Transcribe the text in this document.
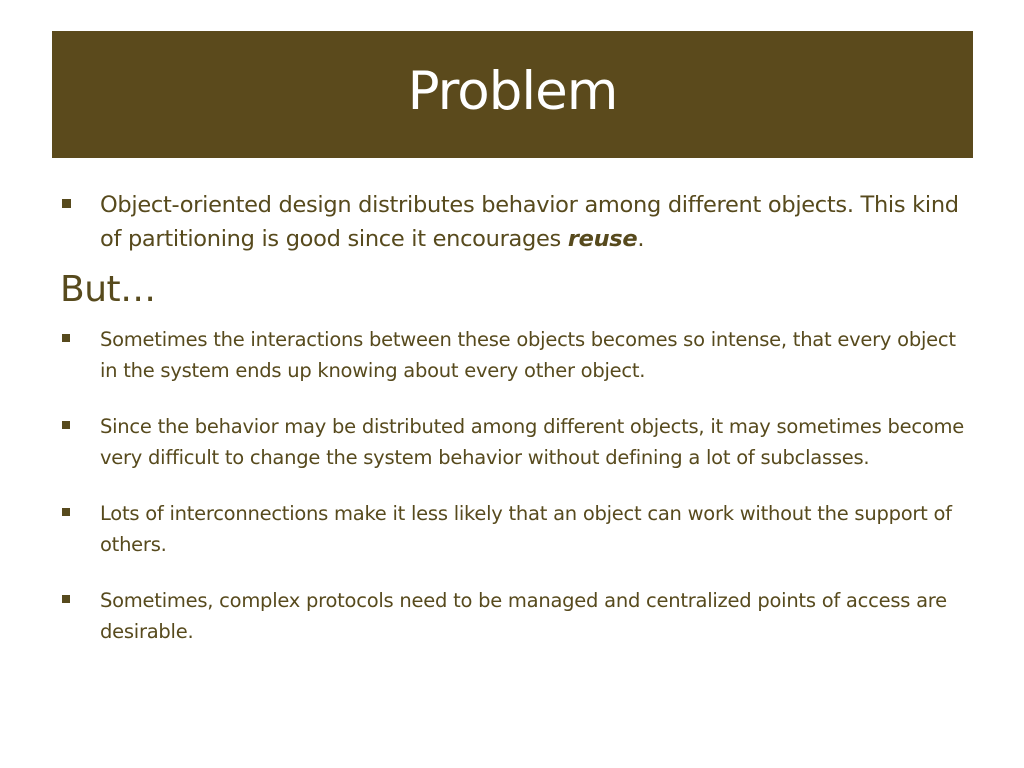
Problem
Object-oriented design distributes behavior among different objects. This kind of partitioning is good since it encourages reuse.
But…
Sometimes the interactions between these objects becomes so intense, that every object in the system ends up knowing about every other object.
Since the behavior may be distributed among different objects, it may sometimes become very difficult to change the system behavior without defining a lot of subclasses.
Lots of interconnections make it less likely that an object can work without the support of others.
Sometimes, complex protocols need to be managed and centralized points of access are desirable.
